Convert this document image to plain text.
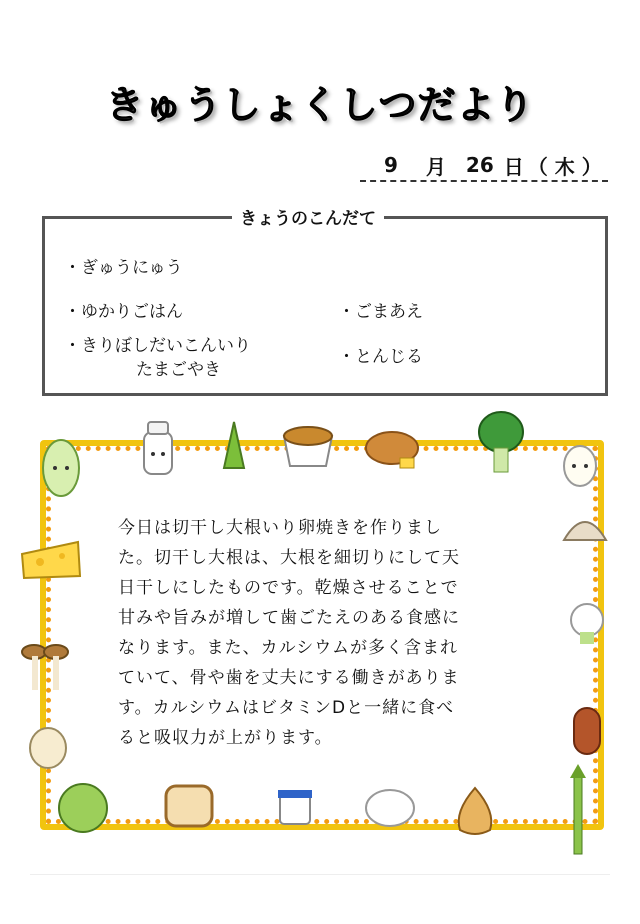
きゅうしょくしつだより
9 月 26 日 （ 木 ）
きょうのこんだて
・ぎゅうにゅう
・ゆかりごはん
・きりぼしだいこんいり
たまごやき
・ごまあえ
・とんじる
今日は切干し大根いり卵焼きを作りまし
た。切干し大根は、大根を細切りにして天
日干しにしたものです。乾燥させることで
甘みや旨みが増して歯ごたえのある食感に
なります。また、カルシウムが多く含まれ
ていて、骨や歯を丈夫にする働きがありま
す。カルシウムはビタミンDと一緒に食べ
ると吸収力が上がります。
